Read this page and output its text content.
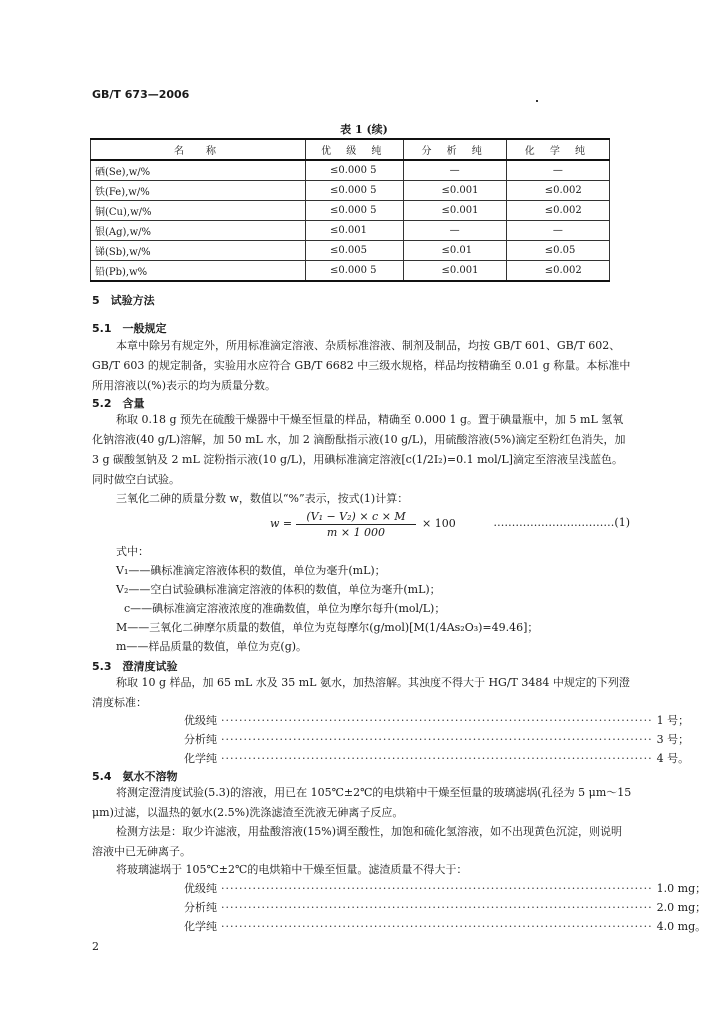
GB/T 673—2006
表 1 (续)
名　称	优 级 纯	分 析 纯	化 学 纯
硒(Se),w/%	≤0.000 5	—	—
铁(Fe),w/%	≤0.000 5	≤0.001	≤0.002
铜(Cu),w/%	≤0.000 5	≤0.001	≤0.002
银(Ag),w/%	≤0.001	—	—
锑(Sb),w/%	≤0.005	≤0.01	≤0.05
铅(Pb),w%	≤0.000 5	≤0.001	≤0.002
5　试验方法
5.1　一般规定

本章中除另有规定外，所用标准滴定溶液、杂质标准溶液、制剂及制品，均按 GB/T 601、GB/T 602、GB/T 603 的规定制备，实验用水应符合 GB/T 6682 中三级水规格，样品均按精确至 0.01 g 称量。本标准中所用溶液以(%)表示的均为质量分数。

5.2　含量

称取 0.18 g 预先在硫酸干燥器中干燥至恒量的样品，精确至 0.000 1 g。置于碘量瓶中，加 5 mL 氢氧化钠溶液(40 g/L)溶解，加 50 mL 水，加 2 滴酚酞指示液(10 g/L)，用硫酸溶液(5%)滴定至粉红色消失，加 3 g 碳酸氢钠及 2 mL 淀粉指示液(10 g/L)，用碘标准滴定溶液[c(1/2I₂)=0.1 mol/L]滴定至溶液呈浅蓝色。同时做空白试验。

三氧化二砷的质量分数 w，数值以“%”表示，按式(1)计算：
$w = \frac{\text{(V₁ − V₂) × c × M}}{m \times 1 000} \times 100$	……………………………(1)
式中：
V₁——碘标准滴定溶液体积的数值，单位为毫升(mL)；
V₂——空白试验碘标准滴定溶液的体积的数值，单位为毫升(mL)；
c——碘标准滴定溶液浓度的准确数值，单位为摩尔每升(mol/L)；
M——三氧化二砷摩尔质量的数值，单位为克每摩尔(g/mol)[M(1/4As₂O₃)=49.46]；
m——样品质量的数值，单位为克(g)。
5.3　澄清度试验

称取 10 g 样品，加 65 mL 水及 35 mL 氨水，加热溶解。其浊度不得大于 HG/T 3484 中规定的下列澄清度标准：

优级纯 ································································································ 1 号；
分析纯 ································································································ 3 号；
化学纯 ································································································ 4 号。
5.4　氨水不溶物

将测定澄清度试验(5.3)的溶液，用已在 105℃±2℃的电烘箱中干燥至恒量的玻璃滤埚(孔径为 5 μm～15 μm)过滤，以温热的氨水(2.5%)洗涤滤渣至洗液无砷离子反应。

检测方法是：取少许滤液，用盐酸溶液(15%)调至酸性，加饱和硫化氢溶液，如不出现黄色沉淀，则说明溶液中已无砷离子。

将玻璃滤埚于 105℃±2℃的电烘箱中干燥至恒量。滤渣质量不得大于：

优级纯 ································································································ 1.0 mg；
分析纯 ································································································ 2.0 mg；
化学纯 ································································································ 4.0 mg。
2
